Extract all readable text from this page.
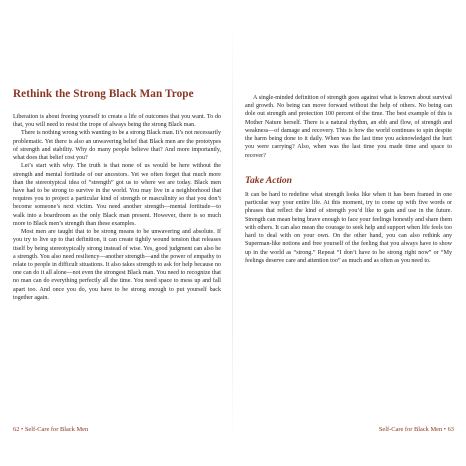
Rethink the Strong Black Man Trope

Liberation is about freeing yourself to create a life of outcomes that you want. To do that, you will need to resist the trope of always being the strong Black man.

There is nothing wrong with wanting to be a strong Black man. It’s not necessarily problematic. Yet there is also an unwavering belief that Black men are the prototypes of strength and stability. Why do many people believe that? And more importantly, what does that belief cost you?

Let’s start with why. The truth is that none of us would be here without the strength and mental fortitude of our ancestors. Yet we often forget that much more than the stereotypical idea of “strength” got us to where we are today. Black men have had to be strong to survive in the world. You may live in a neighborhood that requires you to project a particular kind of strength or masculinity so that you don’t become someone’s next victim. You need another strength—mental fortitude—to walk into a boardroom as the only Black man present. However, there is so much more to Black men’s strength than these examples.

Most men are taught that to be strong means to be unwavering and absolute. If you try to live up to that definition, it can create tightly wound tension that releases itself by being stereotypically strong instead of wise. Yes, good judgment can also be a strength. You also need resiliency—another strength—and the power of empathy to relate to people in difficult situations. It also takes strength to ask for help because no one can do it all alone—not even the strongest Black man. You need to recognize that no man can do everything perfectly all the time. You need space to mess up and fall apart too. And once you do, you have to be strong enough to put yourself back together again.

62 • Self-Care for Black Men

A single-minded definition of strength goes against what is known about survival and growth. No being can move forward without the help of others. No being can dole out strength and protection 100 percent of the time. The best example of this is Mother Nature herself. There is a natural rhythm, an ebb and flow, of strength and weakness—of damage and recovery. This is how the world continues to spin despite the harm being done to it daily. When was the last time you acknowledged the hurt you were carrying? Also, when was the last time you made time and space to recover?

Take Action

It can be hard to redefine what strength looks like when it has been framed in one particular way your entire life. At this moment, try to come up with five words or phrases that reflect the kind of strength you’d like to gain and use in the future. Strength can mean being brave enough to face your feelings honestly and share them with others. It can also mean the courage to seek help and support when life feels too hard to deal with on your own. On the other hand, you can also rethink any Superman-like notions and free yourself of the feeling that you always have to show up in the world as “strong.” Repeat “I don’t have to be strong right now” or “My feelings deserve care and attention too” as much and as often as you need to.

Self-Care for Black Men • 63
